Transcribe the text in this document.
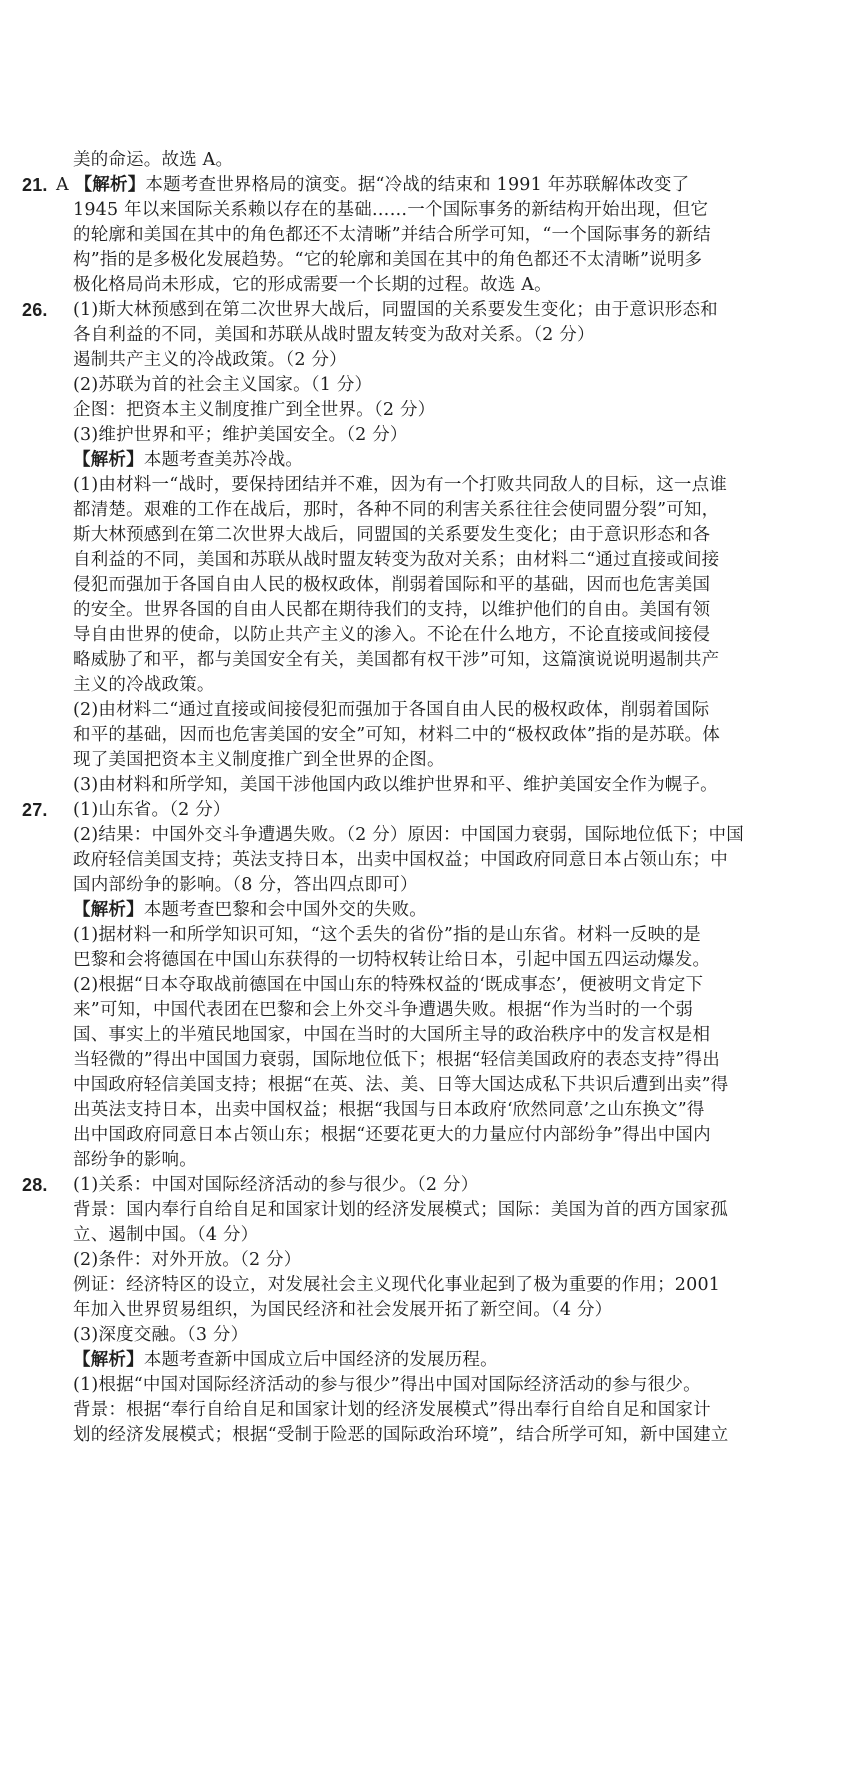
美的命运。故选 A。
21. A 【解析】本题考查世界格局的演变。据“冷战的结束和 1991 年苏联解体改变了
1945 年以来国际关系赖以存在的基础……一个国际事务的新结构开始出现，但它
的轮廓和美国在其中的角色都还不太清晰”并结合所学可知，“一个国际事务的新结
构”指的是多极化发展趋势。“它的轮廓和美国在其中的角色都还不太清晰”说明多
极化格局尚未形成，它的形成需要一个长期的过程。故选 A。
26. (1)斯大林预感到在第二次世界大战后，同盟国的关系要发生变化；由于意识形态和
各自利益的不同，美国和苏联从战时盟友转变为敌对关系。（2 分）
遏制共产主义的冷战政策。（2 分）
(2)苏联为首的社会主义国家。（1 分）
企图：把资本主义制度推广到全世界。（2 分）
(3)维护世界和平；维护美国安全。（2 分）
【解析】本题考查美苏冷战。
(1)由材料一“战时，要保持团结并不难，因为有一个打败共同敌人的目标，这一点谁
都清楚。艰难的工作在战后，那时，各种不同的利害关系往往会使同盟分裂”可知，
斯大林预感到在第二次世界大战后，同盟国的关系要发生变化；由于意识形态和各
自利益的不同，美国和苏联从战时盟友转变为敌对关系；由材料二“通过直接或间接
侵犯而强加于各国自由人民的极权政体，削弱着国际和平的基础，因而也危害美国
的安全。世界各国的自由人民都在期待我们的支持，以维护他们的自由。美国有领
导自由世界的使命，以防止共产主义的渗入。不论在什么地方，不论直接或间接侵
略威胁了和平，都与美国安全有关，美国都有权干涉”可知，这篇演说说明遏制共产
主义的冷战政策。
(2)由材料二“通过直接或间接侵犯而强加于各国自由人民的极权政体，削弱着国际
和平的基础，因而也危害美国的安全”可知，材料二中的“极权政体”指的是苏联。体
现了美国把资本主义制度推广到全世界的企图。
(3)由材料和所学知，美国干涉他国内政以维护世界和平、维护美国安全作为幌子。
27. (1)山东省。（2 分）
(2)结果：中国外交斗争遭遇失败。（2 分）原因：中国国力衰弱，国际地位低下；中国
政府轻信美国支持；英法支持日本，出卖中国权益；中国政府同意日本占领山东；中
国内部纷争的影响。（8 分，答出四点即可）
【解析】本题考查巴黎和会中国外交的失败。
(1)据材料一和所学知识可知，“这个丢失的省份”指的是山东省。材料一反映的是
巴黎和会将德国在中国山东获得的一切特权转让给日本，引起中国五四运动爆发。
(2)根据“日本夺取战前德国在中国山东的特殊权益的‘既成事态’，便被明文肯定下
来”可知，中国代表团在巴黎和会上外交斗争遭遇失败。根据“作为当时的一个弱
国、事实上的半殖民地国家，中国在当时的大国所主导的政治秩序中的发言权是相
当轻微的”得出中国国力衰弱，国际地位低下；根据“轻信美国政府的表态支持”得出
中国政府轻信美国支持；根据“在英、法、美、日等大国达成私下共识后遭到出卖”得
出英法支持日本，出卖中国权益；根据“我国与日本政府‘欣然同意’之山东换文”得
出中国政府同意日本占领山东；根据“还要花更大的力量应付内部纷争”得出中国内
部纷争的影响。
28. (1)关系：中国对国际经济活动的参与很少。（2 分）
背景：国内奉行自给自足和国家计划的经济发展模式；国际：美国为首的西方国家孤
立、遏制中国。（4 分）
(2)条件：对外开放。（2 分）
例证：经济特区的设立，对发展社会主义现代化事业起到了极为重要的作用；2001
年加入世界贸易组织，为国民经济和社会发展开拓了新空间。（4 分）
(3)深度交融。（3 分）
【解析】本题考查新中国成立后中国经济的发展历程。
(1)根据“中国对国际经济活动的参与很少”得出中国对国际经济活动的参与很少。
背景：根据“奉行自给自足和国家计划的经济发展模式”得出奉行自给自足和国家计
划的经济发展模式；根据“受制于险恶的国际政治环境”，结合所学可知，新中国建立
